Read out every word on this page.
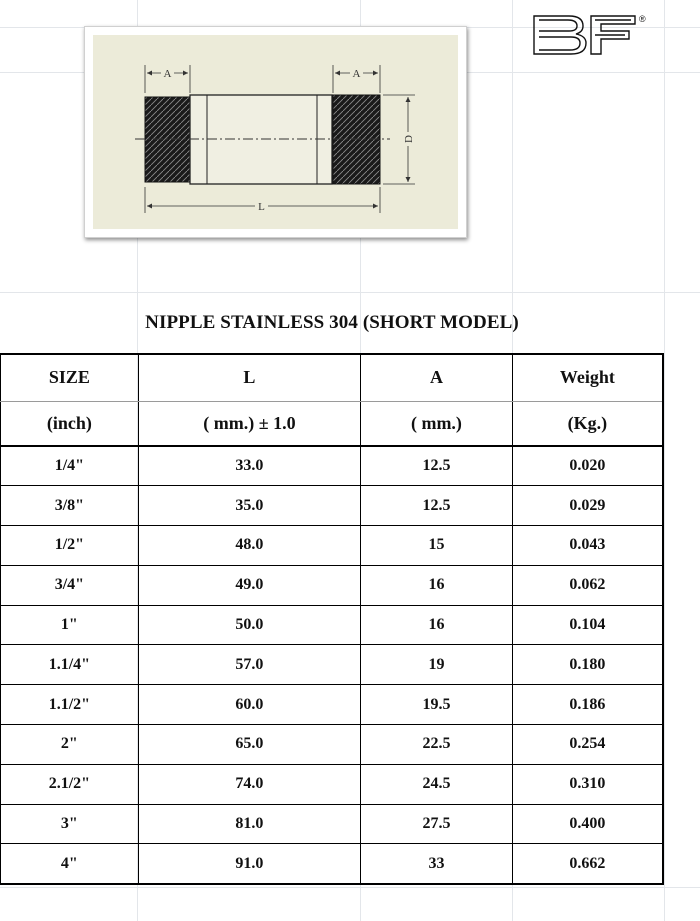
A	A
D
L
®
NIPPLE STAINLESS 304 (SHORT MODEL)
SIZE	L	A	Weight
(inch)	( mm.) ± 1.0	( mm.)	(Kg.)
1/4"	33.0	12.5	0.020
3/8"	35.0	12.5	0.029
1/2"	48.0	15	0.043
3/4"	49.0	16	0.062
1"	50.0	16	0.104
1.1/4"	57.0	19	0.180
1.1/2"	60.0	19.5	0.186
2"	65.0	22.5	0.254
2.1/2"	74.0	24.5	0.310
3"	81.0	27.5	0.400
4"	91.0	33	0.662
